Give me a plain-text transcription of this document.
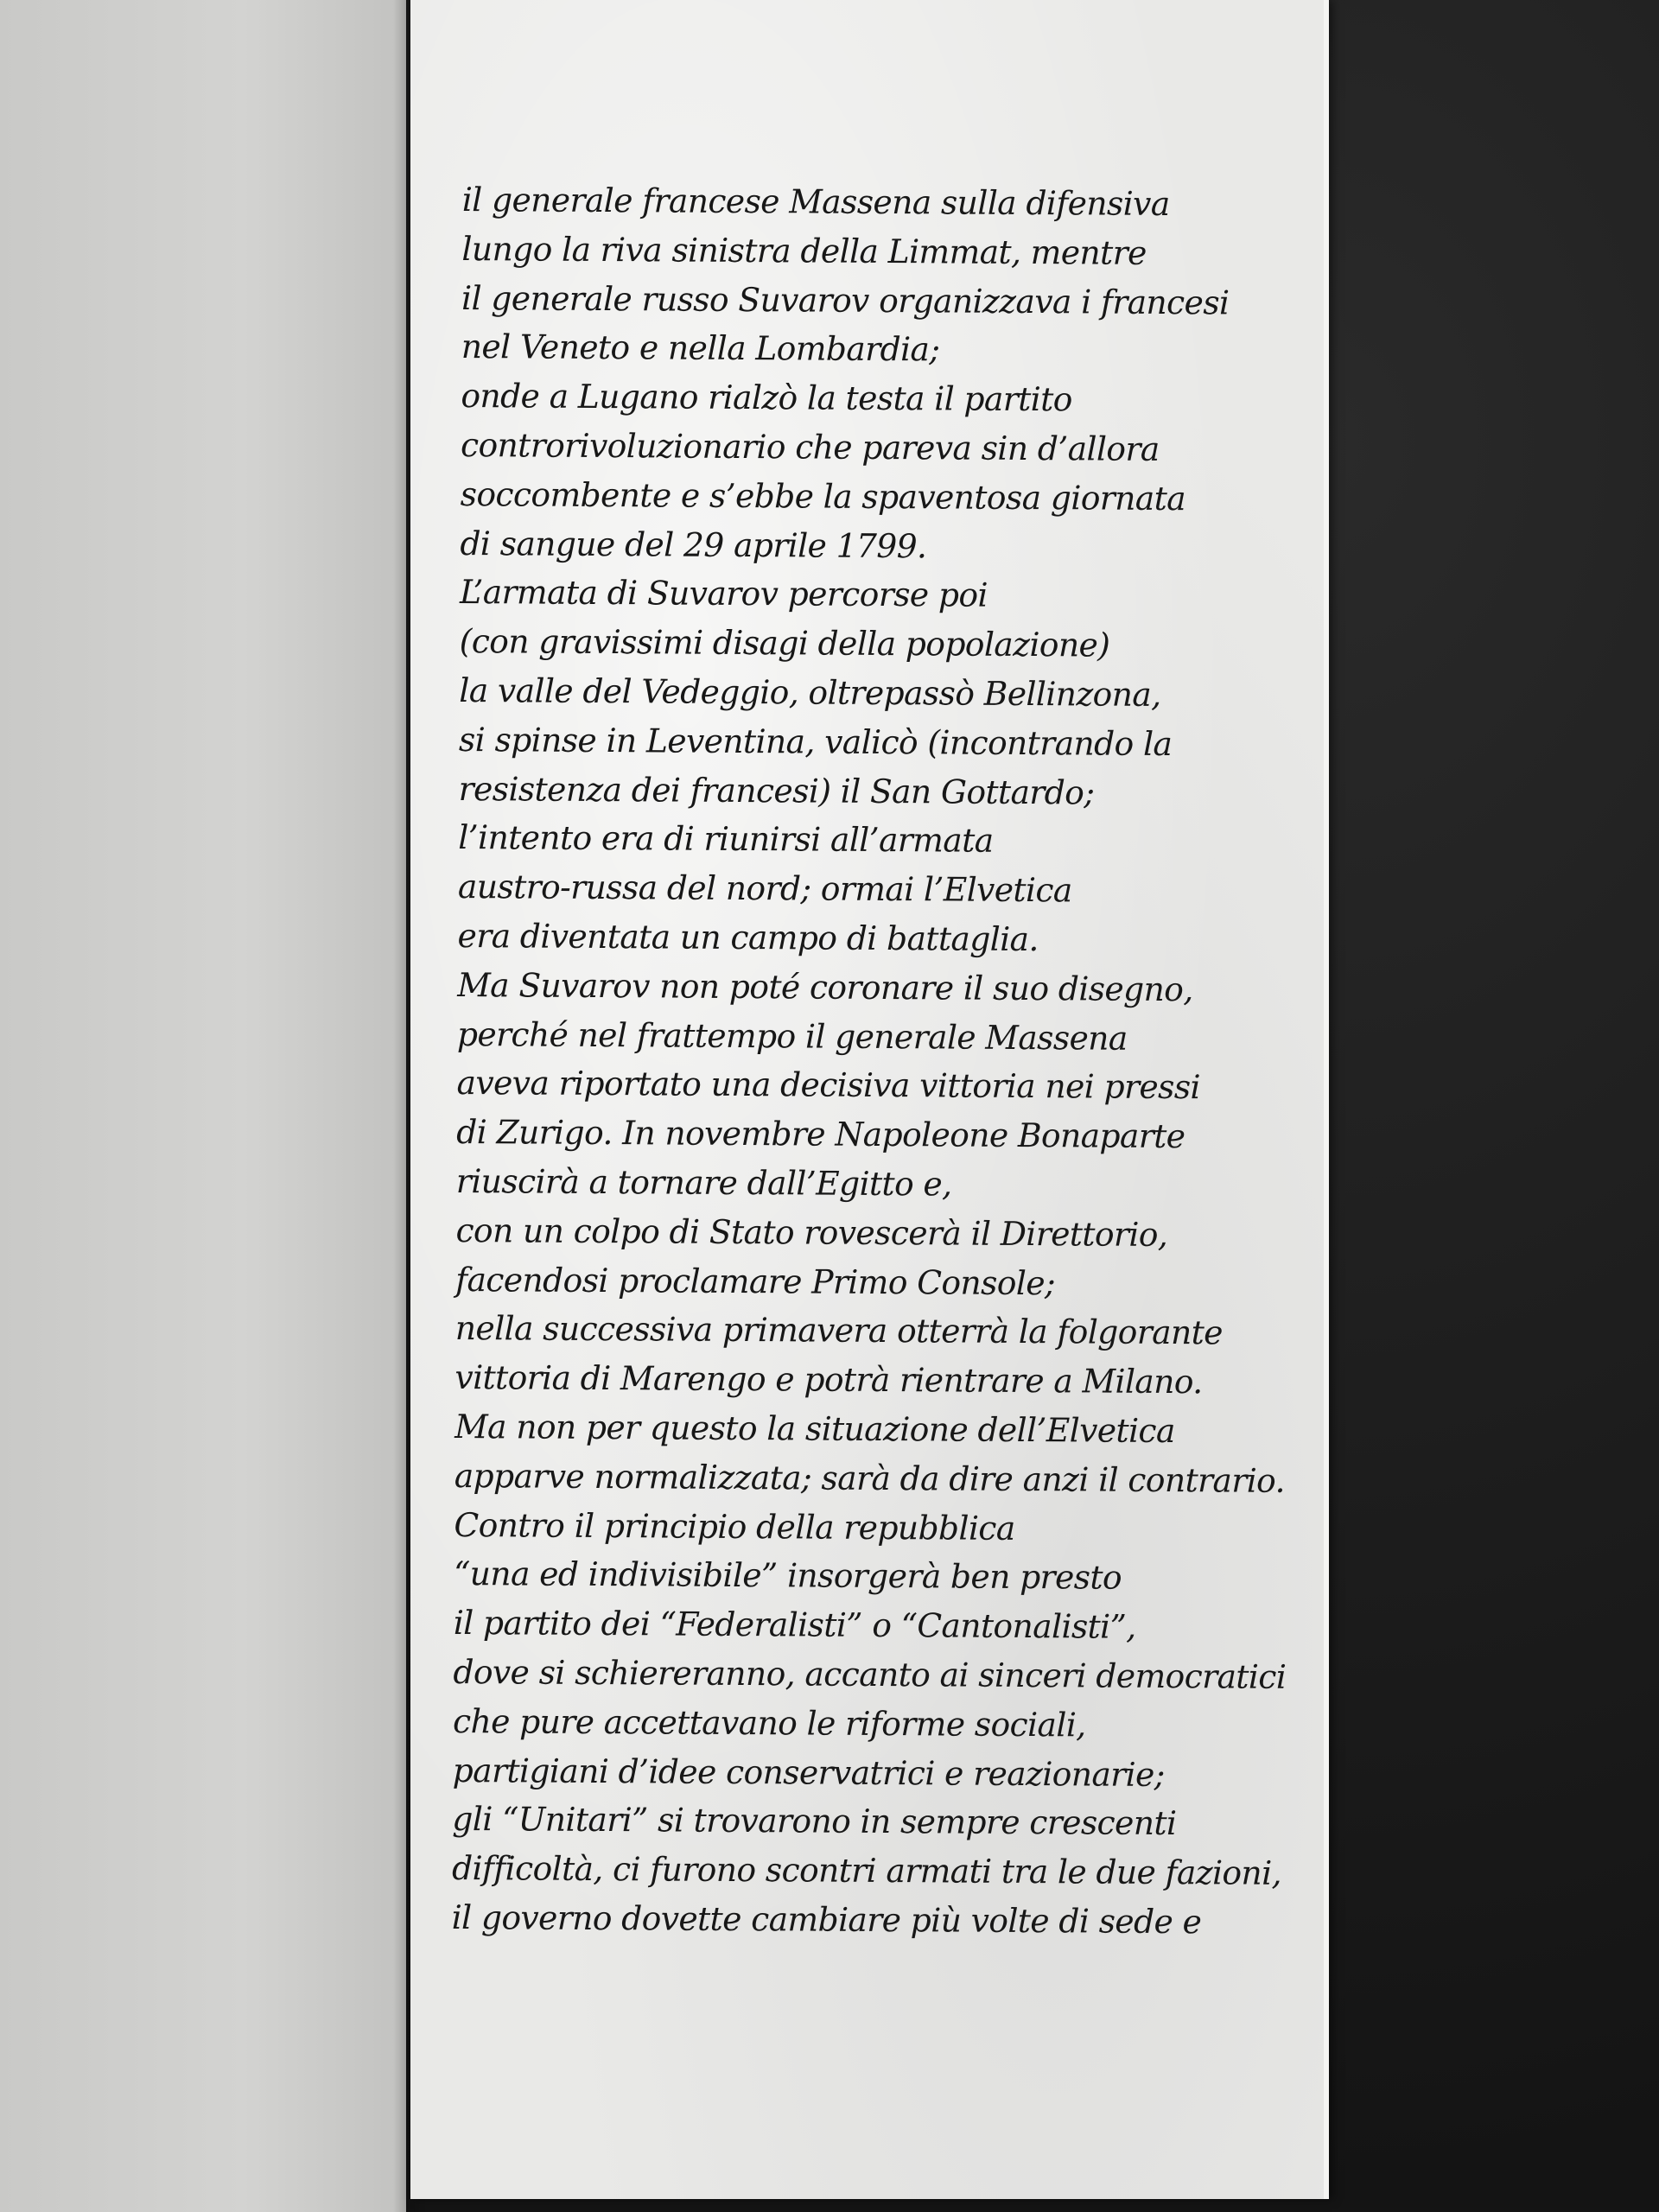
il generale francese Massena sulla difensiva
lungo la riva sinistra della Limmat, mentre
il generale russo Suvarov organizzava i francesi
nel Veneto e nella Lombardia;
onde a Lugano rialzò la testa il partito
controrivoluzionario che pareva sin d’allora
soccombente e s’ebbe la spaventosa giornata
di sangue del 29 aprile 1799.
L’armata di Suvarov percorse poi
(con gravissimi disagi della popolazione)
la valle del Vedeggio, oltrepassò Bellinzona,
si spinse in Leventina, valicò (incontrando la
resistenza dei francesi) il San Gottardo;
l’intento era di riunirsi all’armata
austro-russa del nord; ormai l’Elvetica
era diventata un campo di battaglia.
Ma Suvarov non poté coronare il suo disegno,
perché nel frattempo il generale Massena
aveva riportato una decisiva vittoria nei pressi
di Zurigo. In novembre Napoleone Bonaparte
riuscirà a tornare dall’Egitto e,
con un colpo di Stato rovescerà il Direttorio,
facendosi proclamare Primo Console;
nella successiva primavera otterrà la folgorante
vittoria di Marengo e potrà rientrare a Milano.
Ma non per questo la situazione dell’Elvetica
apparve normalizzata; sarà da dire anzi il contrario.
Contro il principio della repubblica
“una ed indivisibile” insorgerà ben presto
il partito dei “Federalisti” o “Cantonalisti”,
dove si schiereranno, accanto ai sinceri democratici
che pure accettavano le riforme sociali,
partigiani d’idee conservatrici e reazionarie;
gli “Unitari” si trovarono in sempre crescenti
difficoltà, ci furono scontri armati tra le due fazioni,
il governo dovette cambiare più volte di sede e
